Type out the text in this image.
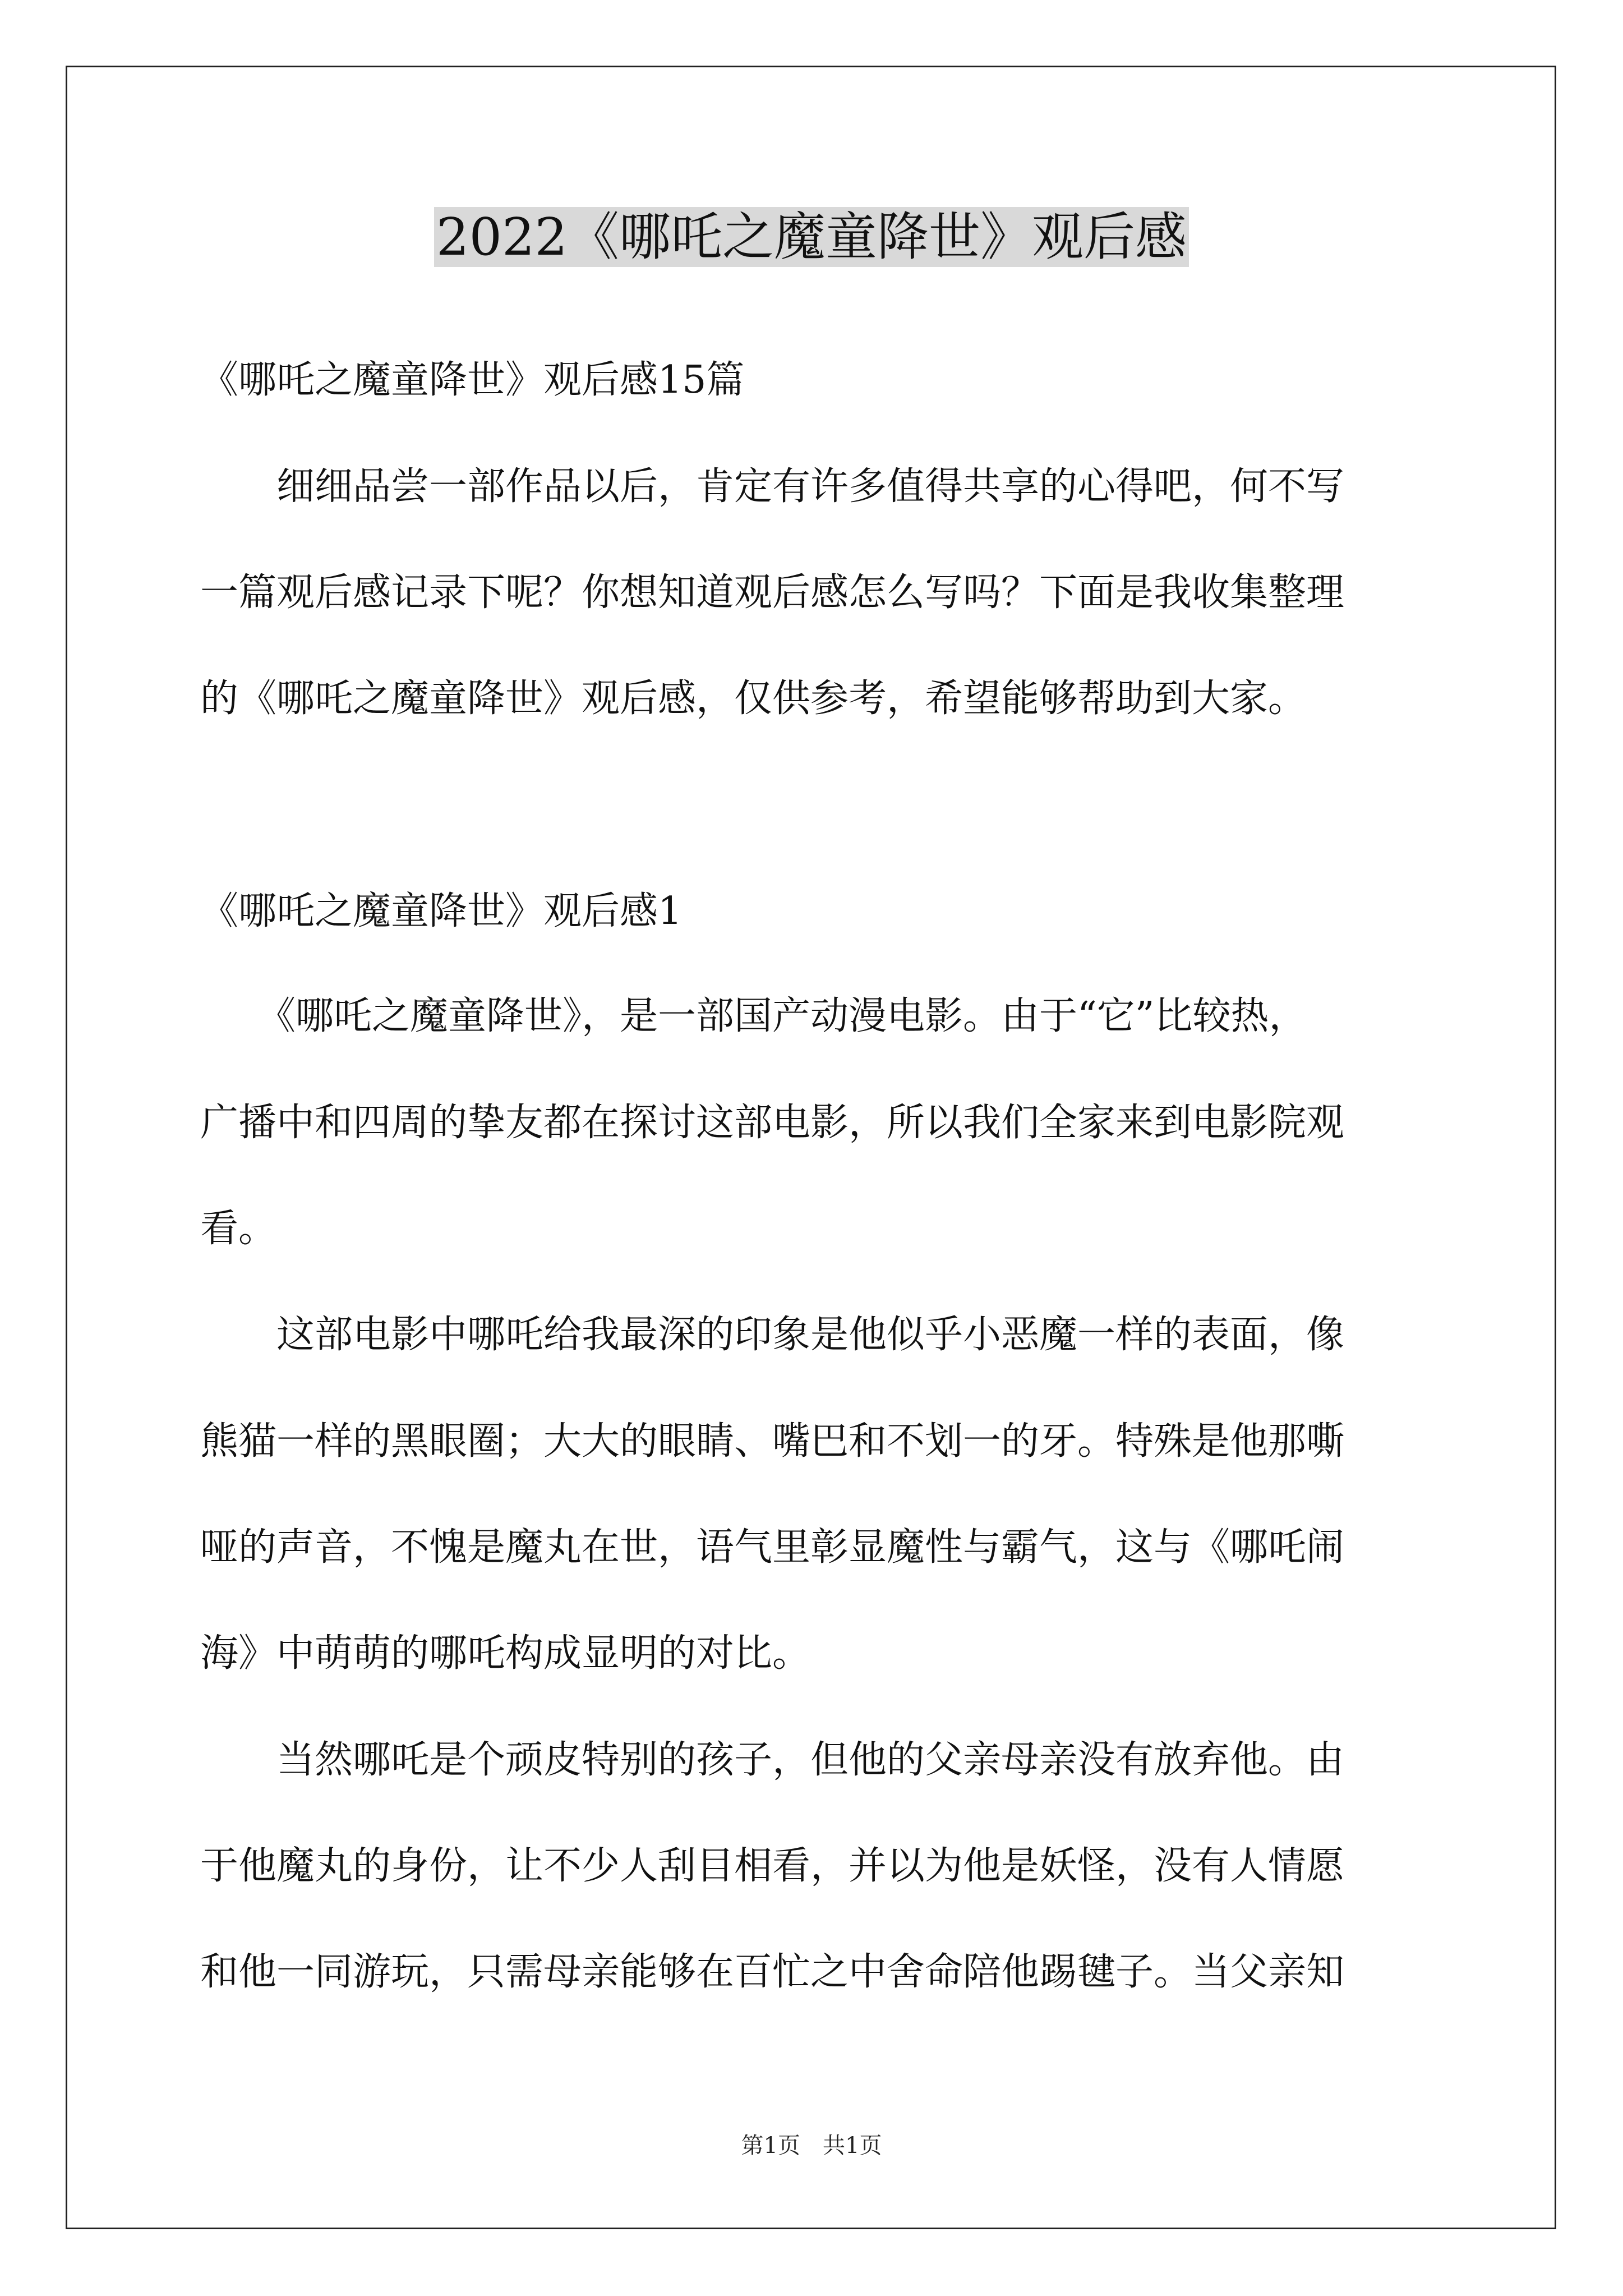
2022《哪吒之魔童降世》观后感
《哪吒之魔童降世》观后感15篇
　　细细品尝一部作品以后，肯定有许多值得共享的心得吧，何不写
一篇观后感记录下呢？你想知道观后感怎么写吗？下面是我收集整理
的《哪吒之魔童降世》观后感，仅供参考，希望能够帮助到大家。
《哪吒之魔童降世》观后感1
　　《哪吒之魔童降世》，是一部国产动漫电影。由于“它”比较热，
广播中和四周的挚友都在探讨这部电影，所以我们全家来到电影院观
看。
　　这部电影中哪吒给我最深的印象是他似乎小恶魔一样的表面，像
熊猫一样的黑眼圈；大大的眼睛、嘴巴和不划一的牙。特殊是他那嘶
哑的声音，不愧是魔丸在世，语气里彰显魔性与霸气，这与《哪吒闹
海》中萌萌的哪吒构成显明的对比。
　　当然哪吒是个顽皮特别的孩子，但他的父亲母亲没有放弃他。由
于他魔丸的身份，让不少人刮目相看，并以为他是妖怪，没有人情愿
和他一同游玩，只需母亲能够在百忙之中舍命陪他踢毽子。当父亲知
第1页　共1页
